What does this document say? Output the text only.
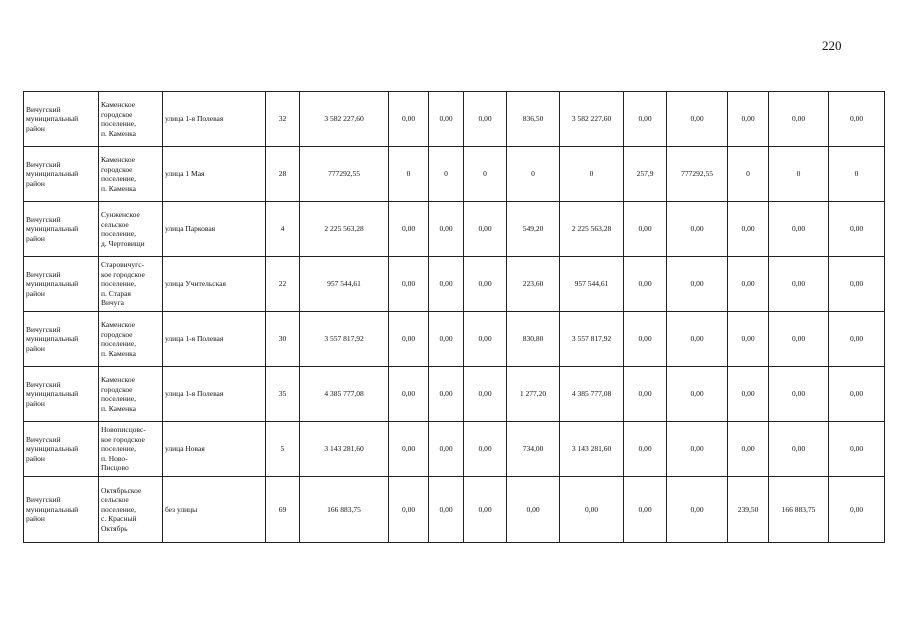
220
Вичугский
муниципальный
район	Каменское
городское
поселение,
п. Каменка	улица 1-я Полевая	32	3 582 227,60	0,00	0,00	0,00	836,50	3 582 227,60	0,00	0,00	0,00	0,00	0,00

Вичугский
муниципальный
район	Каменское
городское
поселение,
п. Каменка	улица 1 Мая	28	777292,55	0	0	0	0	0	257,9	777292,55	0	0	0

Вичугский
муниципальный
район	Сунженское
сельское
поселение,
д. Чертовищи	улица Парковая	4	2 225 563,28	0,00	0,00	0,00	549,20	2 225 563,28	0,00	0,00	0,00	0,00	0,00

Вичугский
муниципальный
район	Старовичугс-
кое городское
поселение,
п. Старая
Вичуга	улица Учительская	22	957 544,61	0,00	0,00	0,00	223,60	957 544,61	0,00	0,00	0,00	0,00	0,00

Вичугский
муниципальный
район	Каменское
городское
поселение,
п. Каменка	улица 1-я Полевая	30	3 557 817,92	0,00	0,00	0,00	830,80	3 557 817,92	0,00	0,00	0,00	0,00	0,00

Вичугский
муниципальный
район	Каменское
городское
поселение,
п. Каменка	улица 1-я Полевая	35	4 385 777,08	0,00	0,00	0,00	1 277,20	4 385 777,08	0,00	0,00	0,00	0,00	0,00

Вичугский
муниципальный
район	Новописцовс-
кое городское
поселение,
п. Ново-
Писцово	улица Новая	5	3 143 281,60	0,00	0,00	0,00	734,00	3 143 281,60	0,00	0,00	0,00	0,00	0,00

Вичугский
муниципальный
район	Октябрьское
сельское
поселение,
с. Красный
Октябрь	без улицы	69	166 883,75	0,00	0,00	0,00	0,00	0,00	0,00	0,00	239,50	166 883,75	0,00
